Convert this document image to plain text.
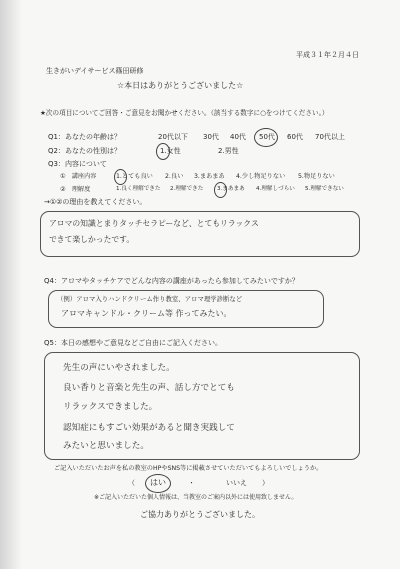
平成３１年２月４日
生きがいデイサービス篠田研修
☆本日はありがとうございました☆
★次の項目についてご回答・ご意見をお聞かせください。（該当する数字に○をつけてください。）
Q1：あなたの年齢は？	20代以下 30代 40代 50代 60代 70代以上
Q2：あなたの性別は？	1.女性	2.男性
Q3：内容について
①　講座内容	1.とても良い 2.良い 3.まあまあ 4.少し物足りない 5.物足りない
②　理解度	1.良く理解できた 2.理解できた 3.まあまあ 4.理解しづらい 5.理解できない
→①②の理由を教えてください。
アロマの知識とまりタッチセラピーなど、とてもリラックス
できて楽しかったです。
Q4：アロマやタッチケアでどんな内容の講座があったら参加してみたいですか？
（例）アロマ入りハンドクリーム作り教室、アロマ理学診断など
アロマキャンドル・クリーム等 作ってみたい。
Q5：本日の感想やご意見などご自由にご記入ください。
先生の声にいやされました。
良い香りと音楽と先生の声、話し方でとても
リラックスできました。
認知症にもすごい効果があると聞き実践して
みたいと思いました。
ご記入いただいたお声を私の教室のHPやSNS等に掲載させていただいてもよろしいでしょうか。
（ はい	・	いいえ ）
※ご記入いただいた個人情報は、当教室のご案内以外には使用致しません。
ご協力ありがとうございました。
